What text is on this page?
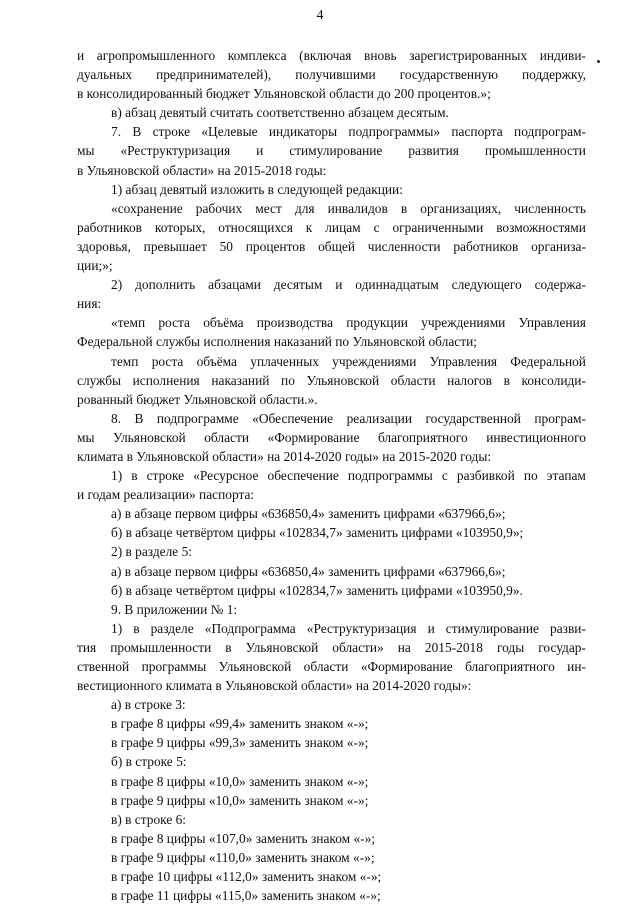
4
и агропромышленного комплекса (включая вновь зарегистрированных индиви-
дуальных предпринимателей), получившими государственную поддержку,
в консолидированный бюджет Ульяновской области до 200 процентов.»;
в) абзац девятый считать соответственно абзацем десятым.
7. В строке «Целевые индикаторы подпрограммы» паспорта подпрограм-
мы «Реструктуризация и стимулирование развития промышленности
в Ульяновской области» на 2015-2018 годы:
1) абзац девятый изложить в следующей редакции:
«сохранение рабочих мест для инвалидов в организациях, численность
работников которых, относящихся к лицам с ограниченными возможностями
здоровья, превышает 50 процентов общей численности работников организа-
ции;»;
2) дополнить абзацами десятым и одиннадцатым следующего содержа-
ния:
«темп роста объёма производства продукции учреждениями Управления
Федеральной службы исполнения наказаний по Ульяновской области;
темп роста объёма уплаченных учреждениями Управления Федеральной
службы исполнения наказаний по Ульяновской области налогов в консолиди-
рованный бюджет Ульяновской области.».
8. В подпрограмме «Обеспечение реализации государственной програм-
мы Ульяновской области «Формирование благоприятного инвестиционного
климата в Ульяновской области» на 2014-2020 годы» на 2015-2020 годы:
1) в строке «Ресурсное обеспечение подпрограммы с разбивкой по этапам
и годам реализации» паспорта:
а) в абзаце первом цифры «636850,4» заменить цифрами «637966,6»;
б) в абзаце четвёртом цифры «102834,7» заменить цифрами «103950,9»;
2) в разделе 5:
а) в абзаце первом цифры «636850,4» заменить цифрами «637966,6»;
б) в абзаце четвёртом цифры «102834,7» заменить цифрами «103950,9».
9. В приложении № 1:
1) в разделе «Подпрограмма «Реструктуризация и стимулирование разви-
тия промышленности в Ульяновской области» на 2015-2018 годы государ-
ственной программы Ульяновской области «Формирование благоприятного ин-
вестиционного климата в Ульяновской области» на 2014-2020 годы»:
а) в строке 3:
в графе 8 цифры «99,4» заменить знаком «-»;
в графе 9 цифры «99,3» заменить знаком «-»;
б) в строке 5:
в графе 8 цифры «10,0» заменить знаком «-»;
в графе 9 цифры «10,0» заменить знаком «-»;
в) в строке 6:
в графе 8 цифры «107,0» заменить знаком «-»;
в графе 9 цифры «110,0» заменить знаком «-»;
в графе 10 цифры «112,0» заменить знаком «-»;
в графе 11 цифры «115,0» заменить знаком «-»;
